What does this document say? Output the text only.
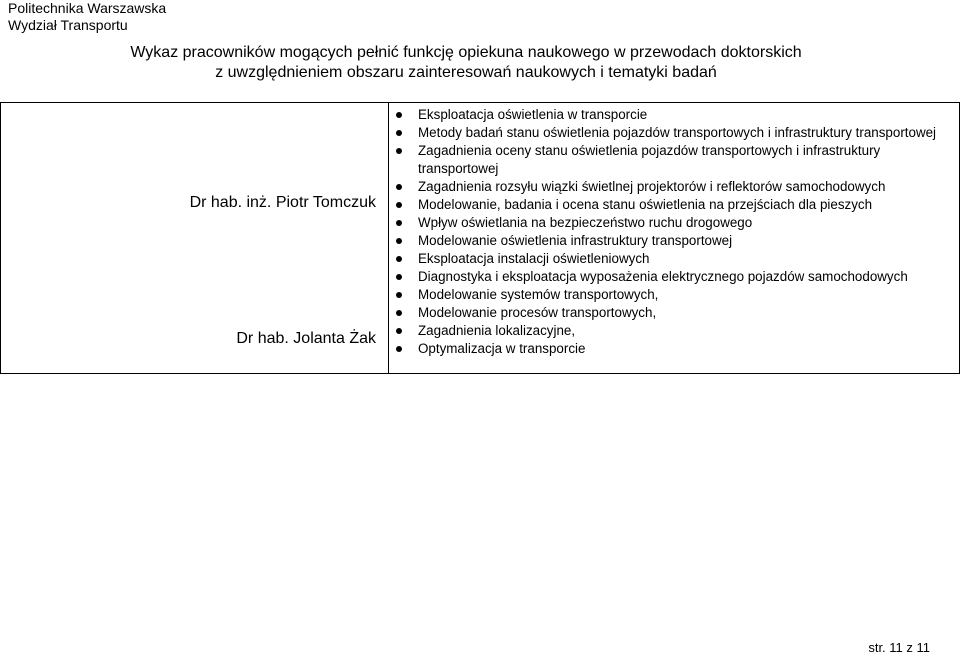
Politechnika Warszawska
Wydział Transportu
Wykaz pracowników mogących pełnić funkcję opiekuna naukowego w przewodach doktorskich
z uwzględnieniem obszaru zainteresowań naukowych i tematyki badań
Dr hab. inż. Piotr Tomczuk
Dr hab. Jolanta Żak

Eksploatacja oświetlenia w transporcie
Metody badań stanu oświetlenia pojazdów transportowych i infrastruktury transportowej
Zagadnienia oceny stanu oświetlenia pojazdów transportowych i infrastruktury transportowej
Zagadnienia rozsyłu wiązki świetlnej projektorów i reflektorów samochodowych
Modelowanie, badania i ocena stanu oświetlenia na przejściach dla pieszych
Wpływ oświetlania na bezpieczeństwo ruchu drogowego
Modelowanie oświetlenia infrastruktury transportowej
Eksploatacja instalacji oświetleniowych
Diagnostyka i eksploatacja wyposażenia elektrycznego pojazdów samochodowych
Modelowanie systemów transportowych,
Modelowanie procesów transportowych,
Zagadnienia lokalizacyjne,
Optymalizacja w transporcie
str. 11 z 11
